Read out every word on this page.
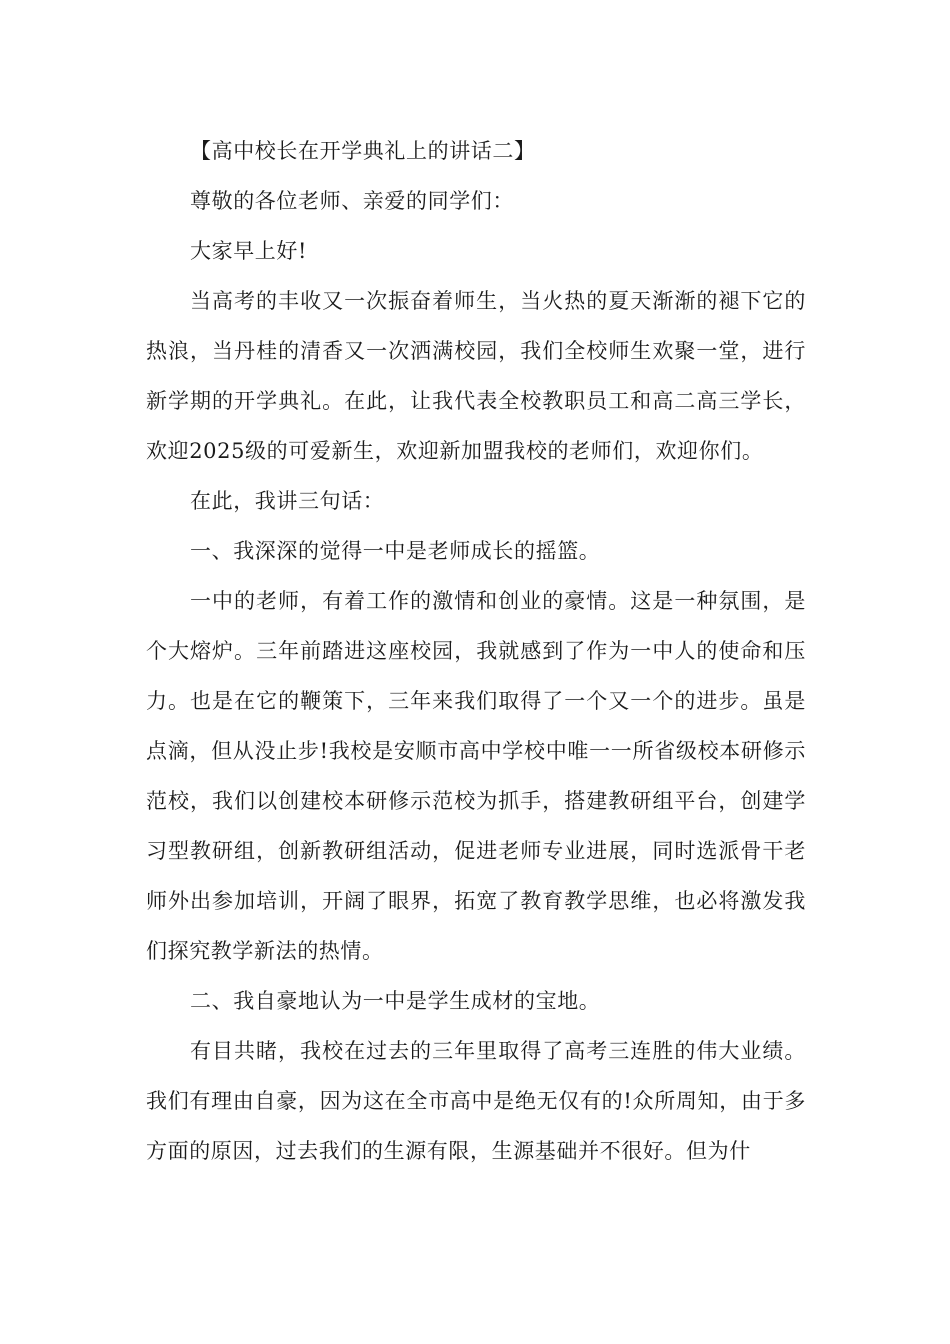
【高中校长在开学典礼上的讲话二】

尊敬的各位老师、亲爱的同学们：

大家早上好!

当高考的丰收又一次振奋着师生，当火热的夏天渐渐的褪下它的热浪，当丹桂的清香又一次洒满校园，我们全校师生欢聚一堂，进行新学期的开学典礼。在此，让我代表全校教职员工和高二高三学长，欢迎2025级的可爱新生，欢迎新加盟我校的老师们，欢迎你们。

在此，我讲三句话：

一、我深深的觉得一中是老师成长的摇篮。

一中的老师，有着工作的激情和创业的豪情。这是一种氛围，是个大熔炉。三年前踏进这座校园，我就感到了作为一中人的使命和压力。也是在它的鞭策下，三年来我们取得了一个又一个的进步。虽是点滴，但从没止步!我校是安顺市高中学校中唯一一所省级校本研修示范校，我们以创建校本研修示范校为抓手，搭建教研组平台，创建学习型教研组，创新教研组活动，促进老师专业进展，同时选派骨干老师外出参加培训，开阔了眼界，拓宽了教育教学思维，也必将激发我们探究教学新法的热情。

二、我自豪地认为一中是学生成材的宝地。

有目共睹，我校在过去的三年里取得了高考三连胜的伟大业绩。我们有理由自豪，因为这在全市高中是绝无仅有的!众所周知，由于多方面的原因，过去我们的生源有限，生源基础并不很好。但为什
